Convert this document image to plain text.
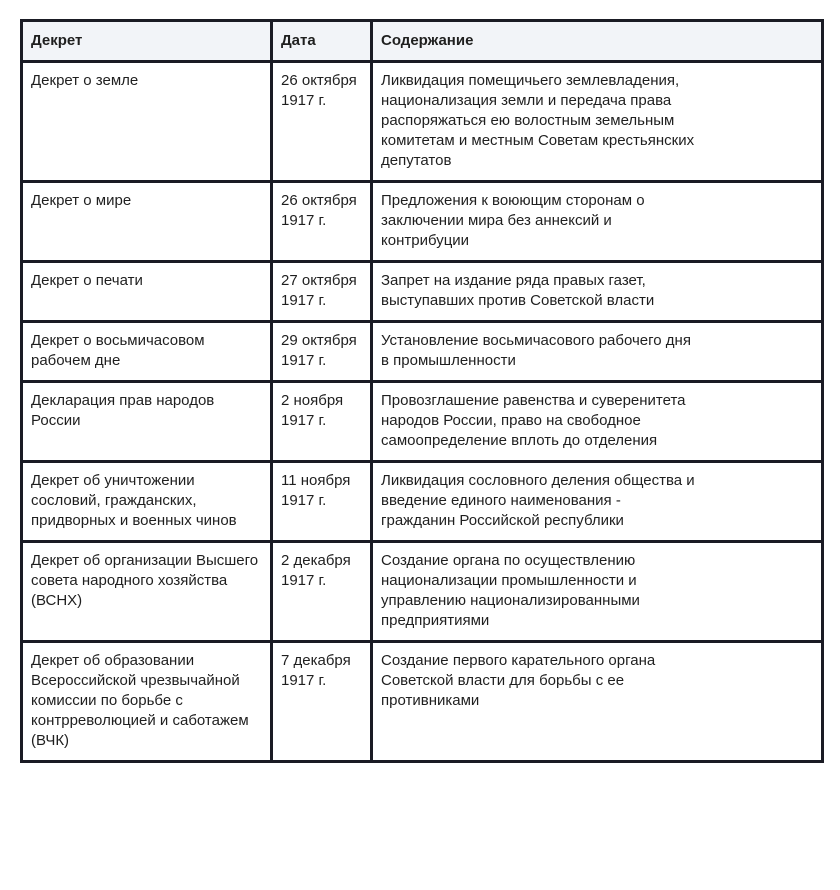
Декрет	Дата	Содержание
Декрет о земле	26 октября 1917 г.	Ликвидация помещичьего землевладения, национализация земли и передача права распоряжаться ею волостным земельным комитетам и местным Советам крестьянских депутатов
Декрет о мире	26 октября 1917 г.	Предложения к воюющим сторонам о заключении мира без аннексий и контрибуции
Декрет о печати	27 октября 1917 г.	Запрет на издание ряда правых газет, выступавших против Советской власти
Декрет о восьмичасовом рабочем дне	29 октября 1917 г.	Установление восьмичасового рабочего дня в промышленности
Декларация прав народов России	2 ноября 1917 г.	Провозглашение равенства и суверенитета народов России, право на свободное самоопределение вплоть до отделения
Декрет об уничтожении сословий, гражданских, придворных и военных чинов	11 ноября 1917 г.	Ликвидация сословного деления общества и введение единого наименования - гражданин Российской республики
Декрет об организации Высшего совета народного хозяйства (ВСНХ)	2 декабря 1917 г.	Создание органа по осуществлению национализации промышленности и управлению национализированными предприятиями
Декрет об образовании Всероссийской чрезвычайной комиссии по борьбе с контрреволюцией и саботажем (ВЧК)	7 декабря 1917 г.	Создание первого карательного органа Советской власти для борьбы с ее противниками
